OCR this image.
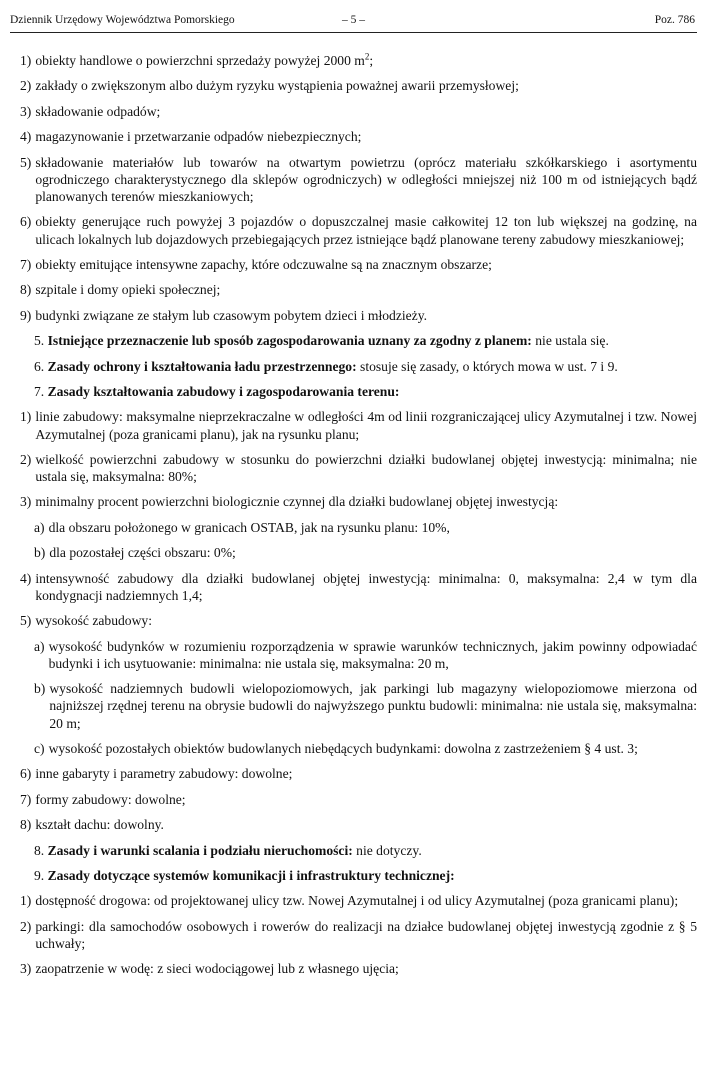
Dziennik Urzędowy Województwa Pomorskiego	– 5 –	Poz. 786
1) obiekty handlowe o powierzchni sprzedaży powyżej 2000 $m^2$;
2) zakłady o zwiększonym albo dużym ryzyku wystąpienia poważnej awarii przemysłowej;
3) składowanie odpadów;
4) magazynowanie i przetwarzanie odpadów niebezpiecznych;
5) składowanie materiałów lub towarów na otwartym powietrzu (oprócz materiału szkółkarskiego i asortymentu ogrodniczego charakterystycznego dla sklepów ogrodniczych) w odległości mniejszej niż 100 m od istniejących bądź planowanych terenów mieszkaniowych;
6) obiekty generujące ruch powyżej 3 pojazdów o dopuszczalnej masie całkowitej 12 ton lub większej na godzinę, na ulicach lokalnych lub dojazdowych przebiegających przez istniejące bądź planowane tereny zabudowy mieszkaniowej;
7) obiekty emitujące intensywne zapachy, które odczuwalne są na znacznym obszarze;
8) szpitale i domy opieki społecznej;
9) budynki związane ze stałym lub czasowym pobytem dzieci i młodzieży.
5. Istniejące przeznaczenie lub sposób zagospodarowania uznany za zgodny z planem: nie ustala się.
6. Zasady ochrony i kształtowania ładu przestrzennego: stosuje się zasady, o których mowa w ust. 7 i 9.
7. Zasady kształtowania zabudowy i zagospodarowania terenu:
1) linie zabudowy: maksymalne nieprzekraczalne w odległości 4m od linii rozgraniczającej ulicy Azymutalnej i tzw. Nowej Azymutalnej (poza granicami planu), jak na rysunku planu;
2) wielkość powierzchni zabudowy w stosunku do powierzchni działki budowlanej objętej inwestycją: minimalna; nie ustala się, maksymalna: 80%;
3) minimalny procent powierzchni biologicznie czynnej dla działki budowlanej objętej inwestycją:
a) dla obszaru położonego w granicach OSTAB, jak na rysunku planu: 10%,
b) dla pozostałej części obszaru: 0%;
4) intensywność zabudowy dla działki budowlanej objętej inwestycją: minimalna: 0, maksymalna: 2,4 w tym dla kondygnacji nadziemnych 1,4;
5) wysokość zabudowy:
a) wysokość budynków w rozumieniu rozporządzenia w sprawie warunków technicznych, jakim powinny odpowiadać budynki i ich usytuowanie: minimalna: nie ustala się, maksymalna: 20 m,
b) wysokość nadziemnych budowli wielopoziomowych, jak parkingi lub magazyny wielopoziomowe mierzona od najniższej rzędnej terenu na obrysie budowli do najwyższego punktu budowli: minimalna: nie ustala się, maksymalna: 20 m;
c) wysokość pozostałych obiektów budowlanych niebędących budynkami: dowolna z zastrzeżeniem § 4 ust. 3;
6) inne gabaryty i parametry zabudowy: dowolne;
7) formy zabudowy: dowolne;
8) kształt dachu: dowolny.
8. Zasady i warunki scalania i podziału nieruchomości: nie dotyczy.
9. Zasady dotyczące systemów komunikacji i infrastruktury technicznej:
1) dostępność drogowa: od projektowanej ulicy tzw. Nowej Azymutalnej i od ulicy Azymutalnej (poza granicami planu);
2) parkingi: dla samochodów osobowych i rowerów do realizacji na działce budowlanej objętej inwestycją zgodnie z § 5 uchwały;
3) zaopatrzenie w wodę: z sieci wodociągowej lub z własnego ujęcia;
